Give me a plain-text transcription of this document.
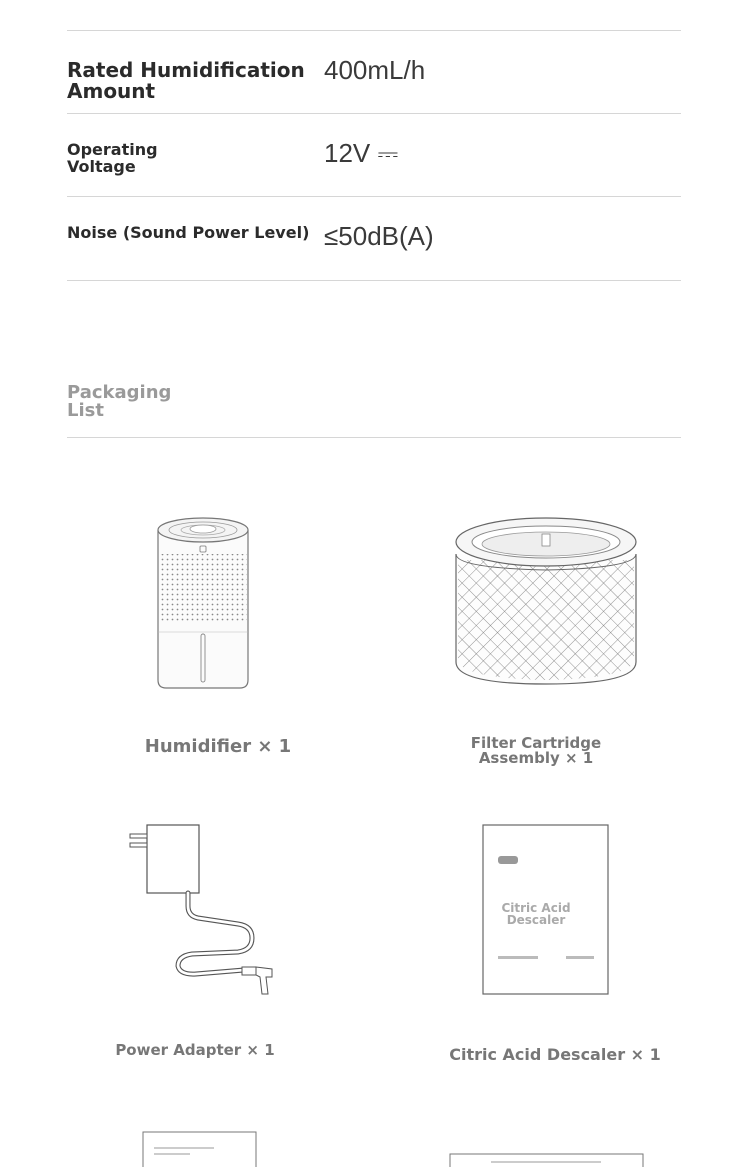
Rated Humidification
Amount
400mL/h
Operating
Voltage	12V ⎓
Noise (Sound Power Level) ≤50dB(A)
Packaging
List
Humidifier × 1	Filter Cartridge
Assembly × 1
Power Adapter × 1
Citric Acid
Descaler
Citric Acid Descaler × 1
